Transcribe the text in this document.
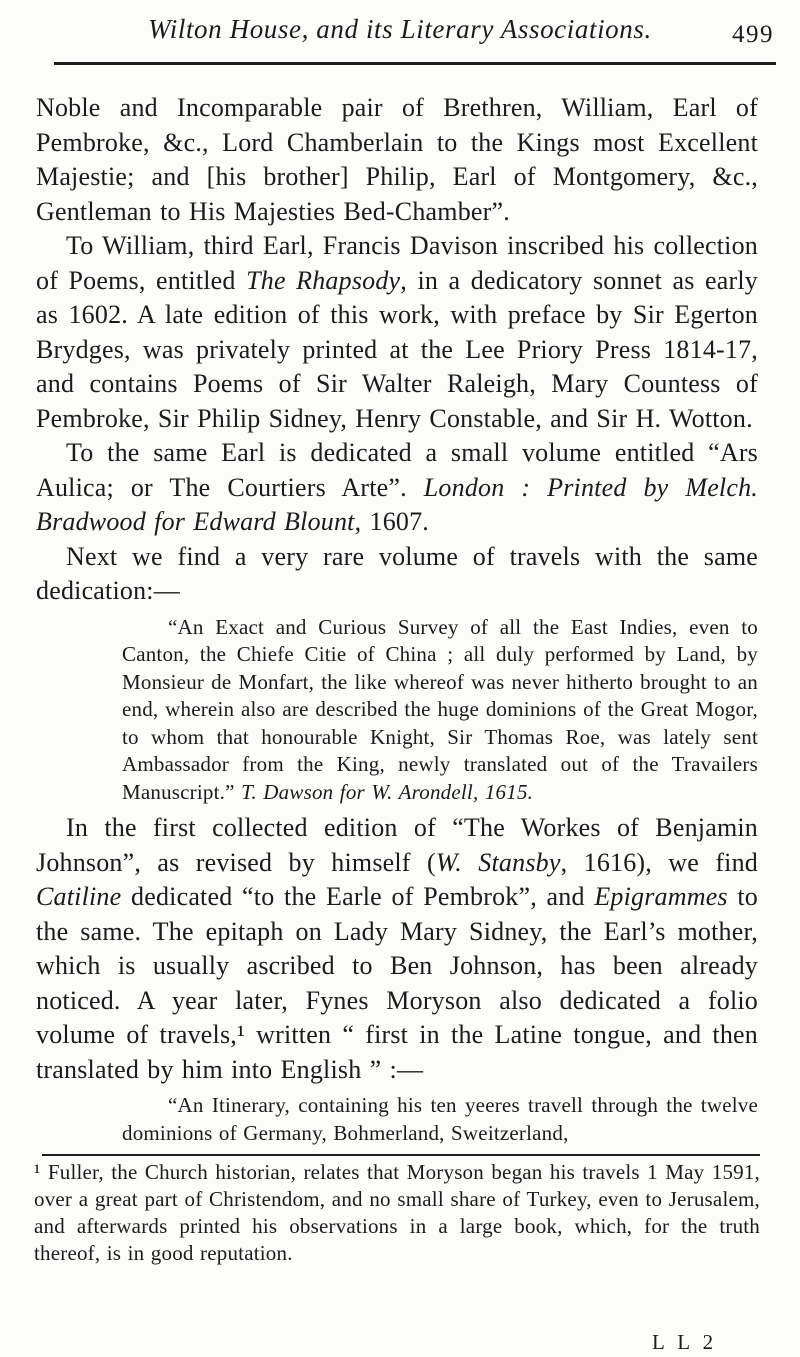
Wilton House, and its Literary Associations.	499

Noble and Incomparable pair of Brethren, William, Earl of Pembroke, &c., Lord Chamberlain to the Kings most Excellent Majestie; and [his brother] Philip, Earl of Montgomery, &c., Gentleman to His Majesties Bed-Chamber”.

To William, third Earl, Francis Davison inscribed his collection of Poems, entitled The Rhapsody, in a dedicatory sonnet as early as 1602. A late edition of this work, with preface by Sir Egerton Brydges, was privately printed at the Lee Priory Press 1814-17, and contains Poems of Sir Walter Raleigh, Mary Countess of Pembroke, Sir Philip Sidney, Henry Constable, and Sir H. Wotton.

To the same Earl is dedicated a small volume entitled “Ars Aulica; or The Courtiers Arte”. London : Printed by Melch. Bradwood for Edward Blount, 1607.

Next we find a very rare volume of travels with the same dedication:—

“An Exact and Curious Survey of all the East Indies, even to Canton, the Chiefe Citie of China ; all duly performed by Land, by Monsieur de Monfart, the like whereof was never hitherto brought to an end, wherein also are described the huge dominions of the Great Mogor, to whom that honourable Knight, Sir Thomas Roe, was lately sent Ambassador from the King, newly translated out of the Travailers Manuscript.” T. Dawson for W. Arondell, 1615.

In the first collected edition of “The Workes of Benjamin Johnson”, as revised by himself (W. Stansby, 1616), we find Catiline dedicated “to the Earle of Pembrok”, and Epigrammes to the same. The epitaph on Lady Mary Sidney, the Earl’s mother, which is usually ascribed to Ben Johnson, has been already noticed. A year later, Fynes Moryson also dedicated a folio volume of travels,¹ written “ first in the Latine tongue, and then translated by him into English ” :—

“An Itinerary, containing his ten yeeres travell through the twelve dominions of Germany, Bohmerland, Sweitzerland,

¹ Fuller, the Church historian, relates that Moryson began his travels 1 May 1591, over a great part of Christendom, and no small share of Turkey, even to Jerusalem, and afterwards printed his observations in a large book, which, for the truth thereof, is in good reputation.

L L 2
